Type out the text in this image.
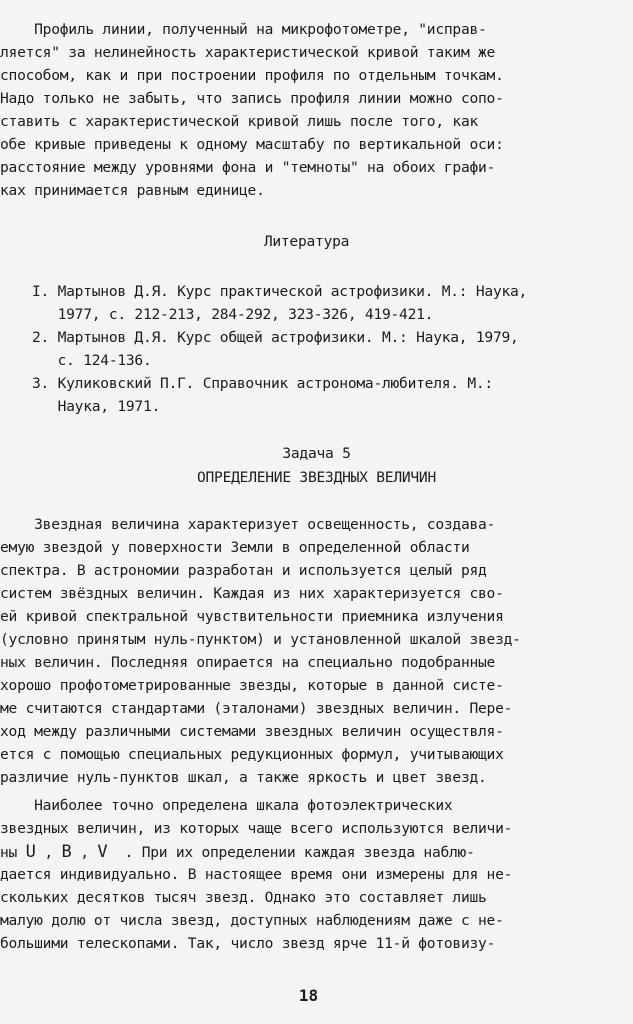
Профиль линии, полученный на микрофотометре, "исправ-
ляется" за нелинейность характеристической кривой таким же
способом, как и при построении профиля по отдельным точкам.
Надо только не забыть, что запись профиля линии можно сопо-
ставить с характеристической кривой лишь после того, как
обе кривые приведены к одному масштабу по вертикальной оси:
расстояние между уровнями фона и "темноты" на обоих графи-
ках принимается равным единице.
Литература
I. Мартынов Д.Я. Курс практической астрофизики. М.: Наука,
1977, с. 212-213, 284-292, 323-326, 419-421.
2. Мартынов Д.Я. Курс общей астрофизики. М.: Наука, 1979,
с. 124-136.
3. Куликовский П.Г. Справочник астронома-любителя. М.:
Наука, 1971.
Задача 5
ОПРЕДЕЛЕНИЕ ЗВЕЗДНЫХ ВЕЛИЧИН
Звездная величина характеризует освещенность, создава-
емую звездой у поверхности Земли в определенной области
спектра. В астрономии разработан и используется целый ряд
систем звёздных величин. Каждая из них характеризуется сво-
ей кривой спектральной чувствительности приемника излучения
(условно принятым нуль-пунктом) и установленной шкалой звезд-
ных величин. Последняя опирается на специально подобранные
хорошо профотометрированные звезды, которые в данной систе-
ме считаются стандартами (эталонами) звездных величин. Пере-
ход между различными системами звездных величин осуществля-
ется с помощью специальных редукционных формул, учитывающих
различие нуль-пунктов шкал, а также яркость и цвет звезд.
Наиболее точно определена шкала фотоэлектрических
звездных величин, из которых чаще всего используются величи-
ны U , B , V  . При их определении каждая звезда наблю-
дается индивидуально. В настоящее время они измерены для не-
скольких десятков тысяч звезд. Однако это составляет лишь
малую долю от числа звезд, доступных наблюдениям даже с не-
большими телескопами. Так, число звезд ярче 11-й фотовизу-
18
